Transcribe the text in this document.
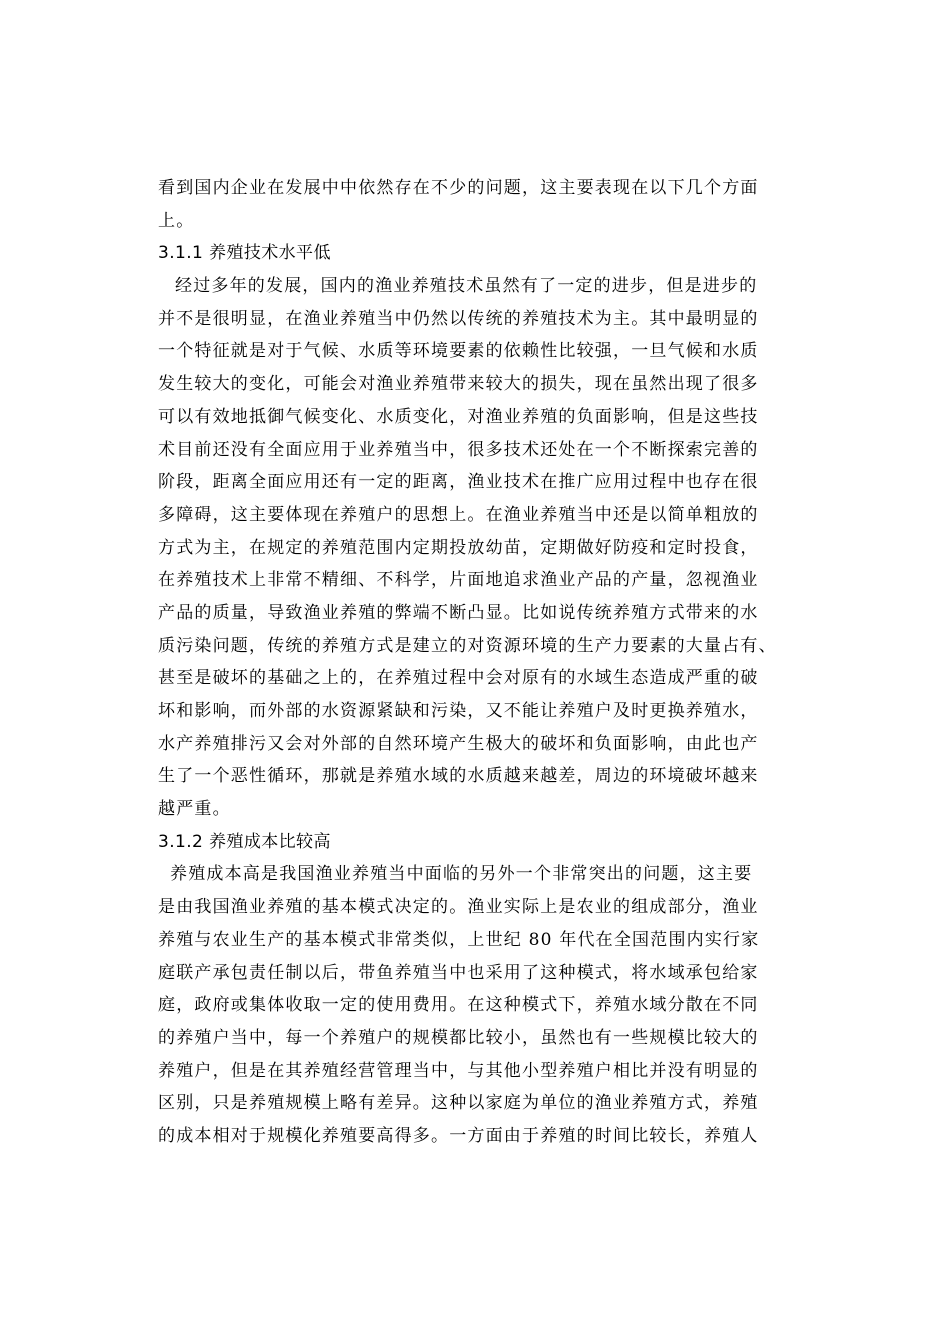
看到国内企业在发展中中依然存在不少的问题，这主要表现在以下几个方面
上。
3.1.1 养殖技术水平低
经过多年的发展，国内的渔业养殖技术虽然有了一定的进步，但是进步的
并不是很明显，在渔业养殖当中仍然以传统的养殖技术为主。其中最明显的
一个特征就是对于气候、水质等环境要素的依赖性比较强，一旦气候和水质
发生较大的变化，可能会对渔业养殖带来较大的损失，现在虽然出现了很多
可以有效地抵御气候变化、水质变化，对渔业养殖的负面影响，但是这些技
术目前还没有全面应用于业养殖当中，很多技术还处在一个不断探索完善的
阶段，距离全面应用还有一定的距离，渔业技术在推广应用过程中也存在很
多障碍，这主要体现在养殖户的思想上。在渔业养殖当中还是以简单粗放的
方式为主，在规定的养殖范围内定期投放幼苗，定期做好防疫和定时投食，
在养殖技术上非常不精细、不科学，片面地追求渔业产品的产量，忽视渔业
产品的质量，导致渔业养殖的弊端不断凸显。比如说传统养殖方式带来的水
质污染问题，传统的养殖方式是建立的对资源环境的生产力要素的大量占有、
甚至是破坏的基础之上的，在养殖过程中会对原有的水域生态造成严重的破
坏和影响，而外部的水资源紧缺和污染，又不能让养殖户及时更换养殖水，
水产养殖排污又会对外部的自然环境产生极大的破坏和负面影响，由此也产
生了一个恶性循环，那就是养殖水域的水质越来越差，周边的环境破坏越来
越严重。
3.1.2 养殖成本比较高
养殖成本高是我国渔业养殖当中面临的另外一个非常突出的问题，这主要
是由我国渔业养殖的基本模式决定的。渔业实际上是农业的组成部分，渔业
养殖与农业生产的基本模式非常类似，上世纪 80 年代在全国范围内实行家
庭联产承包责任制以后，带鱼养殖当中也采用了这种模式，将水域承包给家
庭，政府或集体收取一定的使用费用。在这种模式下，养殖水域分散在不同
的养殖户当中，每一个养殖户的规模都比较小，虽然也有一些规模比较大的
养殖户，但是在其养殖经营管理当中，与其他小型养殖户相比并没有明显的
区别，只是养殖规模上略有差异。这种以家庭为单位的渔业养殖方式，养殖
的成本相对于规模化养殖要高得多。一方面由于养殖的时间比较长，养殖人
